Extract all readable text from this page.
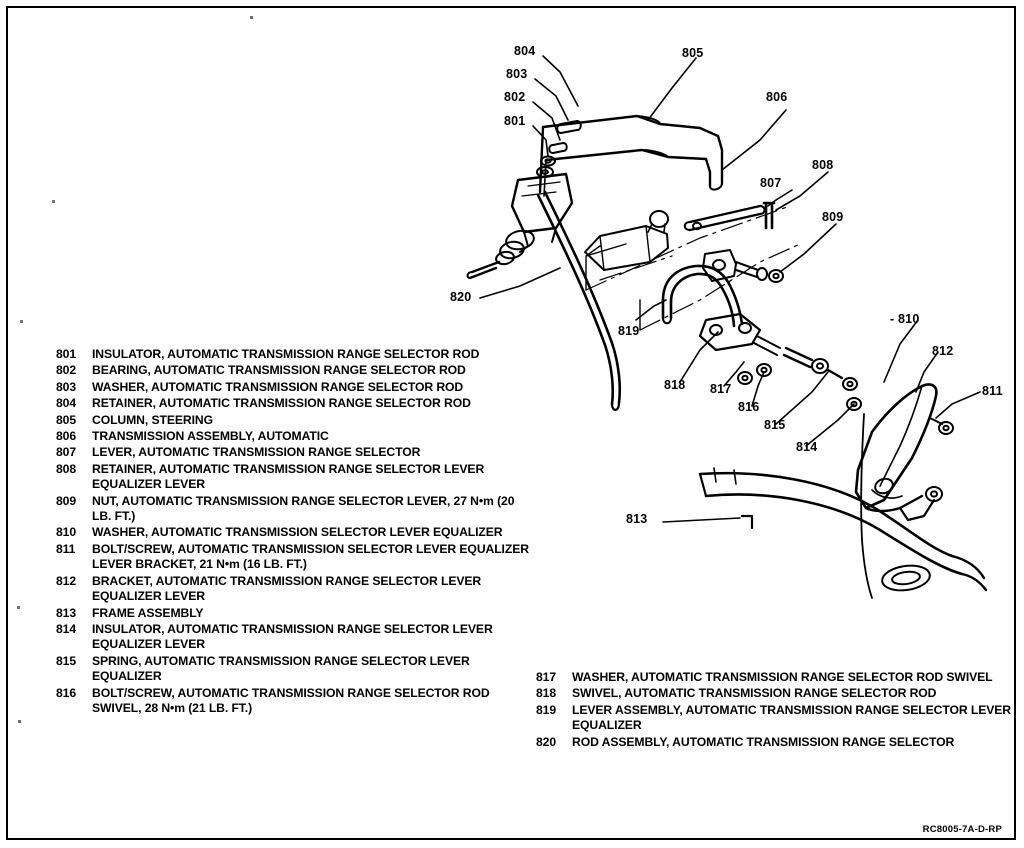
804
803
802
801
805
806
807
808
809
- 810
811
812
813
814
815
816
817
818
819
820
801	INSULATOR, AUTOMATIC TRANSMISSION RANGE SELECTOR ROD
802	BEARING, AUTOMATIC TRANSMISSION RANGE SELECTOR ROD
803	WASHER, AUTOMATIC TRANSMISSION RANGE SELECTOR ROD
804	RETAINER, AUTOMATIC TRANSMISSION RANGE SELECTOR ROD
805	COLUMN, STEERING
806	TRANSMISSION ASSEMBLY, AUTOMATIC
807	LEVER, AUTOMATIC TRANSMISSION RANGE SELECTOR
808	RETAINER, AUTOMATIC TRANSMISSION RANGE SELECTOR LEVER EQUALIZER LEVER
809	NUT, AUTOMATIC TRANSMISSION RANGE SELECTOR LEVER, 27 N•m (20 LB. FT.)
810	WASHER, AUTOMATIC TRANSMISSION SELECTOR LEVER EQUALIZER
811	BOLT/SCREW, AUTOMATIC TRANSMISSION SELECTOR LEVER EQUALIZER LEVER BRACKET, 21 N•m (16 LB. FT.)
812	BRACKET, AUTOMATIC TRANSMISSION RANGE SELECTOR LEVER EQUALIZER LEVER
813	FRAME ASSEMBLY
814	INSULATOR, AUTOMATIC TRANSMISSION RANGE SELECTOR LEVER EQUALIZER LEVER
815	SPRING, AUTOMATIC TRANSMISSION RANGE SELECTOR LEVER EQUALIZER
816	BOLT/SCREW, AUTOMATIC TRANSMISSION RANGE SELECTOR ROD SWIVEL, 28 N•m (21 LB. FT.)
817	WASHER, AUTOMATIC TRANSMISSION RANGE SELECTOR ROD SWIVEL
818	SWIVEL, AUTOMATIC TRANSMISSION RANGE SELECTOR ROD
819	LEVER ASSEMBLY, AUTOMATIC TRANSMISSION RANGE SELECTOR LEVER EQUALIZER
820	ROD ASSEMBLY, AUTOMATIC TRANSMISSION RANGE SELECTOR
RC8005-7A-D-RP
